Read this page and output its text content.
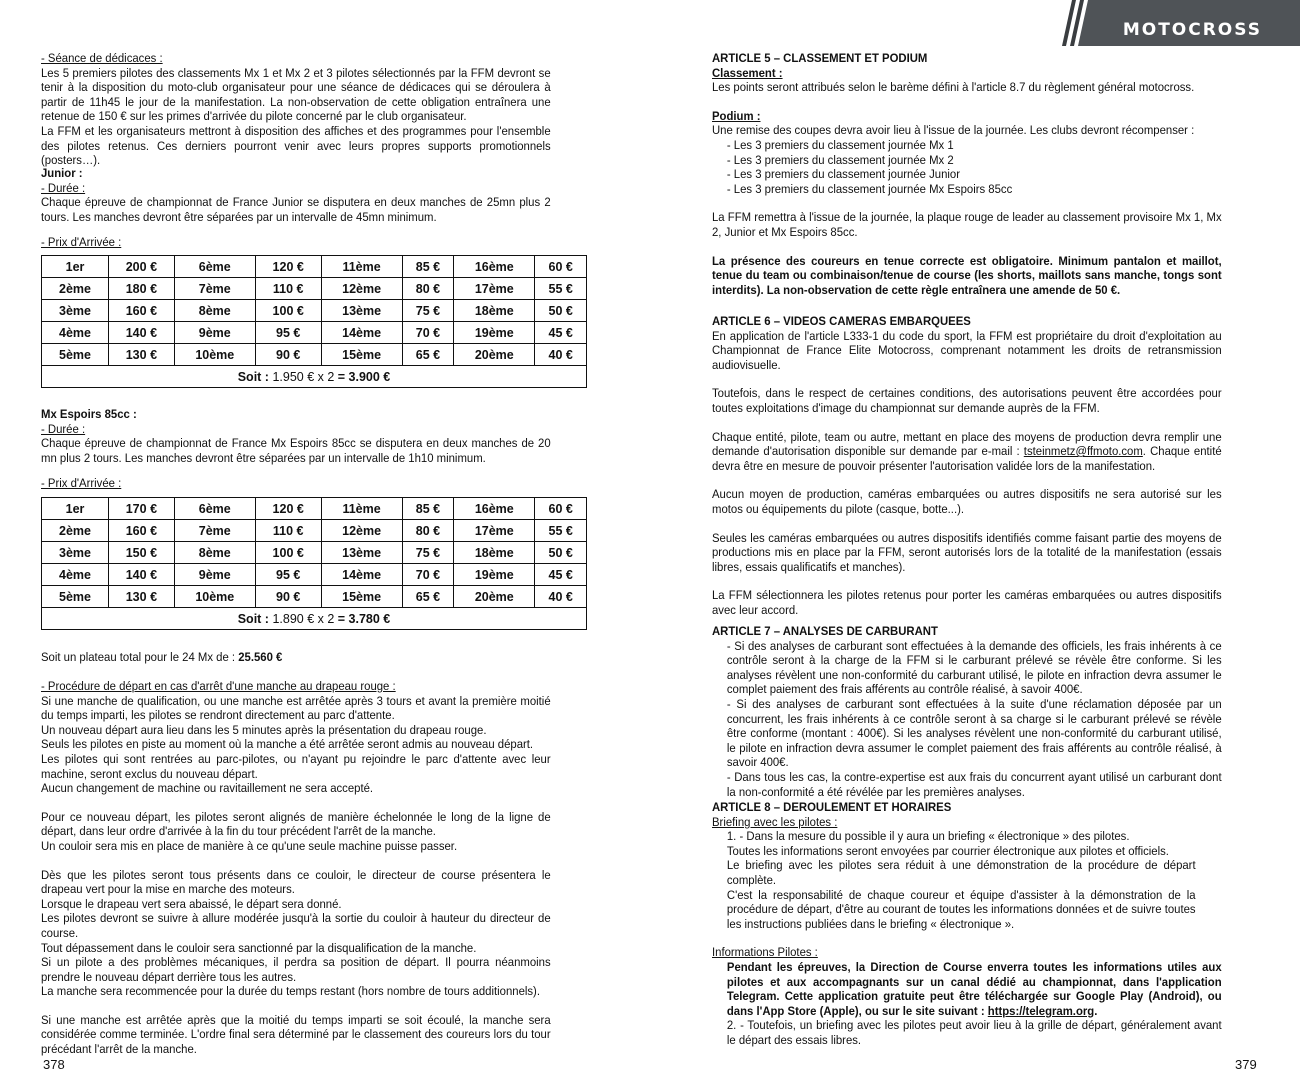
MOTOCROSS

- Séance de dédicaces :

Les 5 premiers pilotes des classements Mx 1 et Mx 2 et 3 pilotes sélectionnés par la FFM devront se tenir à la disposition du moto-club organisateur pour une séance de dédicaces qui se déroulera à partir de 11h45 le jour de la manifestation. La non-observation de cette obligation entraînera une retenue de 150 € sur les primes d'arrivée du pilote concerné par le club organisateur.

La FFM et les organisateurs mettront à disposition des affiches et des programmes pour l'ensemble des pilotes retenus. Ces derniers pourront venir avec leurs propres supports promotionnels (posters…).

Junior :

- Durée :

Chaque épreuve de championnat de France Junior se disputera en deux manches de 25mn plus 2 tours. Les manches devront être séparées par un intervalle de 45mn minimum.

- Prix d'Arrivée :

1er	200 €	6ème	120 €	11ème	85 €	16ème	60 €
2ème	180 €	7ème	110 €	12ème	80 €	17ème	55 €
3ème	160 €	8ème	100 €	13ème	75 €	18ème	50 €
4ème	140 €	9ème	95 €	14ème	70 €	19ème	45 €
5ème	130 €	10ème	90 €	15ème	65 €	20ème	40 €
Soit : 1.950 € x 2 = 3.900 €							

Mx Espoirs 85cc :

- Durée :

Chaque épreuve de championnat de France Mx Espoirs 85cc se disputera en deux manches de 20 mn plus 2 tours. Les manches devront être séparées par un intervalle de 1h10 minimum.

- Prix d'Arrivée :

1er	170 €	6ème	120 €	11ème	85 €	16ème	60 €
2ème	160 €	7ème	110 €	12ème	80 €	17ème	55 €
3ème	150 €	8ème	100 €	13ème	75 €	18ème	50 €
4ème	140 €	9ème	95 €	14ème	70 €	19ème	45 €
5ème	130 €	10ème	90 €	15ème	65 €	20ème	40 €
Soit : 1.890 € x 2 = 3.780 €							
Soit un plateau total pour le 24 Mx de : 25.560 €

- Procédure de départ en cas d'arrêt d'une manche au drapeau rouge :

Si une manche de qualification, ou une manche est arrêtée après 3 tours et avant la première moitié du temps imparti, les pilotes se rendront directement au parc d'attente.

Un nouveau départ aura lieu dans les 5 minutes après la présentation du drapeau rouge.

Seuls les pilotes en piste au moment où la manche a été arrêtée seront admis au nouveau départ.

Les pilotes qui sont rentrées au parc-pilotes, ou n'ayant pu rejoindre le parc d'attente avec leur machine, seront exclus du nouveau départ.

Aucun changement de machine ou ravitaillement ne sera accepté.

Pour ce nouveau départ, les pilotes seront alignés de manière échelonnée le long de la ligne de départ, dans leur ordre d'arrivée à la fin du tour précédent l'arrêt de la manche.

Un couloir sera mis en place de manière à ce qu'une seule machine puisse passer.

Dès que les pilotes seront tous présents dans ce couloir, le directeur de course présentera le drapeau vert pour la mise en marche des moteurs.

Lorsque le drapeau vert sera abaissé, le départ sera donné.

Les pilotes devront se suivre à allure modérée jusqu'à la sortie du couloir à hauteur du directeur de course.

Tout dépassement dans le couloir sera sanctionné par la disqualification de la manche.

Si un pilote a des problèmes mécaniques, il perdra sa position de départ. Il pourra néanmoins prendre le nouveau départ derrière tous les autres.

La manche sera recommencée pour la durée du temps restant (hors nombre de tours additionnels).

Si une manche est arrêtée après que la moitié du temps imparti se soit écoulé, la manche sera considérée comme terminée. L'ordre final sera déterminé par le classement des coureurs lors du tour précédant l'arrêt de la manche.

378

ARTICLE 5 – CLASSEMENT ET PODIUM

Classement :

Les points seront attribués selon le barème défini à l'article 8.7 du règlement général motocross.

Podium :

Une remise des coupes devra avoir lieu à l'issue de la journée. Les clubs devront récompenser :

- Les 3 premiers du classement journée Mx 1

- Les 3 premiers du classement journée Mx 2

- Les 3 premiers du classement journée Junior

- Les 3 premiers du classement journée Mx Espoirs 85cc

La FFM remettra à l'issue de la journée, la plaque rouge de leader au classement provisoire Mx 1, Mx 2, Junior et Mx Espoirs 85cc.

La présence des coureurs en tenue correcte est obligatoire. Minimum pantalon et maillot, tenue du team ou combinaison/tenue de course (les shorts, maillots sans manche, tongs sont interdits). La non-observation de cette règle entraînera une amende de 50 €.

ARTICLE 6 – VIDEOS CAMERAS EMBARQUEES

En application de l'article L333-1 du code du sport, la FFM est propriétaire du droit d'exploitation au Championnat de France Elite Motocross, comprenant notamment les droits de retransmission audiovisuelle.

Toutefois, dans le respect de certaines conditions, des autorisations peuvent être accordées pour toutes exploitations d'image du championnat sur demande auprès de la FFM.

Chaque entité, pilote, team ou autre, mettant en place des moyens de production devra remplir une demande d'autorisation disponible sur demande par e-mail : tsteinmetz@ffmoto.com. Chaque entité devra être en mesure de pouvoir présenter l'autorisation validée lors de la manifestation.

Aucun moyen de production, caméras embarquées ou autres dispositifs ne sera autorisé sur les motos ou équipements du pilote (casque, botte...).

Seules les caméras embarquées ou autres dispositifs identifiés comme faisant partie des moyens de productions mis en place par la FFM, seront autorisés lors de la totalité de la manifestation (essais libres, essais qualificatifs et manches).

La FFM sélectionnera les pilotes retenus pour porter les caméras embarquées ou autres dispositifs avec leur accord.

ARTICLE 7 – ANALYSES DE CARBURANT

- Si des analyses de carburant sont effectuées à la demande des officiels, les frais inhérents à ce contrôle seront à la charge de la FFM si le carburant prélevé se révèle être conforme. Si les analyses révèlent une non-conformité du carburant utilisé, le pilote en infraction devra assumer le complet paiement des frais afférents au contrôle réalisé, à savoir 400€.

- Si des analyses de carburant sont effectuées à la suite d'une réclamation déposée par un concurrent, les frais inhérents à ce contrôle seront à sa charge si le carburant prélevé se révèle être conforme (montant : 400€). Si les analyses révèlent une non-conformité du carburant utilisé, le pilote en infraction devra assumer le complet paiement des frais afférents au contrôle réalisé, à savoir 400€.

- Dans tous les cas, la contre-expertise est aux frais du concurrent ayant utilisé un carburant dont la non-conformité a été révélée par les premières analyses.

ARTICLE 8 – DEROULEMENT ET HORAIRES

Briefing avec les pilotes :

1. - Dans la mesure du possible il y aura un briefing « électronique » des pilotes.

Toutes les informations seront envoyées par courrier électronique aux pilotes et officiels.

Le briefing avec les pilotes sera réduit à une démonstration de la procédure de départ complète.

C'est la responsabilité de chaque coureur et équipe d'assister à la démonstration de la procédure de départ, d'être au courant de toutes les informations données et de suivre toutes les instructions publiées dans le briefing « électronique ».

Informations Pilotes :

Pendant les épreuves, la Direction de Course enverra toutes les informations utiles aux pilotes et aux accompagnants sur un canal dédié au championnat, dans l'application Telegram. Cette application gratuite peut être téléchargée sur Google Play (Android), ou dans l'App Store (Apple), ou sur le site suivant : https://telegram.org.

2. - Toutefois, un briefing avec les pilotes peut avoir lieu à la grille de départ, généralement avant le départ des essais libres.

379
